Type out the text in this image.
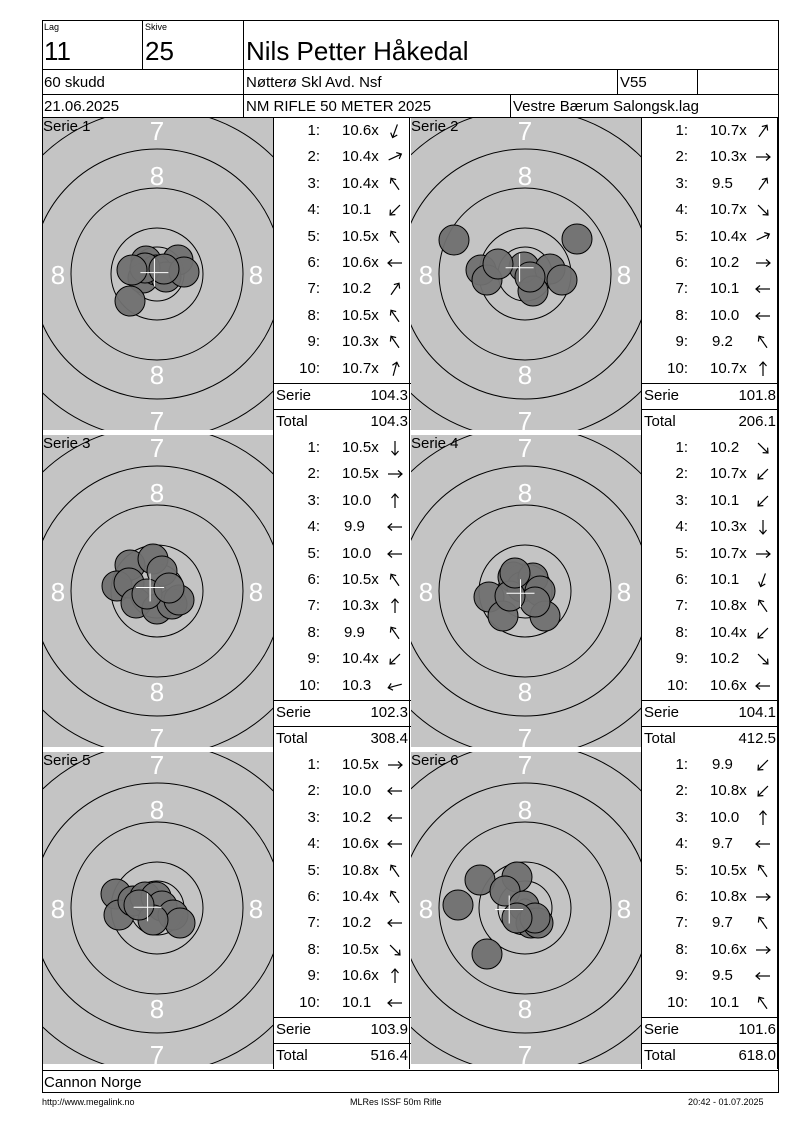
Lag
11
Skive
25	Nils Petter Håkedal
60 skudd	Nøtterø Skl Avd. Nsf	V55
21.06.2025	NM RIFLE 50 METER 2025	Vestre Bærum Salongsk.lag
7
8
8	8
8
7
Serie 1	1: 10.6x
2: 10.4x
3: 10.4x
4: 10.1
5: 10.5x
6: 10.6x
7: 10.2
8: 10.5x
9: 10.3x
10: 10.7x
Serie	104.3
Total	104.3
7
8
8	8
8
7
Serie 2	1: 10.7x
2: 10.3x
3: 9.5
4: 10.7x
5: 10.4x
6: 10.2
7: 10.1
8: 10.0
9: 9.2
10: 10.7x
Serie	101.8
Total	206.1
7
8
8	8
8
7
Serie 3	1: 10.5x
2: 10.5x
3: 10.0
4: 9.9
5: 10.0
6: 10.5x
7: 10.3x
8: 9.9
9: 10.4x
10: 10.3
Serie	102.3
Total	308.4
7
8
8	8
8
7
Serie 4	1: 10.2
2: 10.7x
3: 10.1
4: 10.3x
5: 10.7x
6: 10.1
7: 10.8x
8: 10.4x
9: 10.2
10: 10.6x
Serie	104.1
Total	412.5
7
8
8	8
8
7
Serie 5	1: 10.5x
2: 10.0
3: 10.2
4: 10.6x
5: 10.8x
6: 10.4x
7: 10.2
8: 10.5x
9: 10.6x
10: 10.1
Serie	103.9
Total	516.4
7
8
8	8
8
7
Serie 6	1: 9.9
2: 10.8x
3: 10.0
4: 9.7
5: 10.5x
6: 10.8x
7: 9.7
8: 10.6x
9: 9.5
10: 10.1
Serie	101.6
Total	618.0
Cannon Norge
http://www.megalink.no	MLRes ISSF 50m Rifle	20:42 - 01.07.2025
